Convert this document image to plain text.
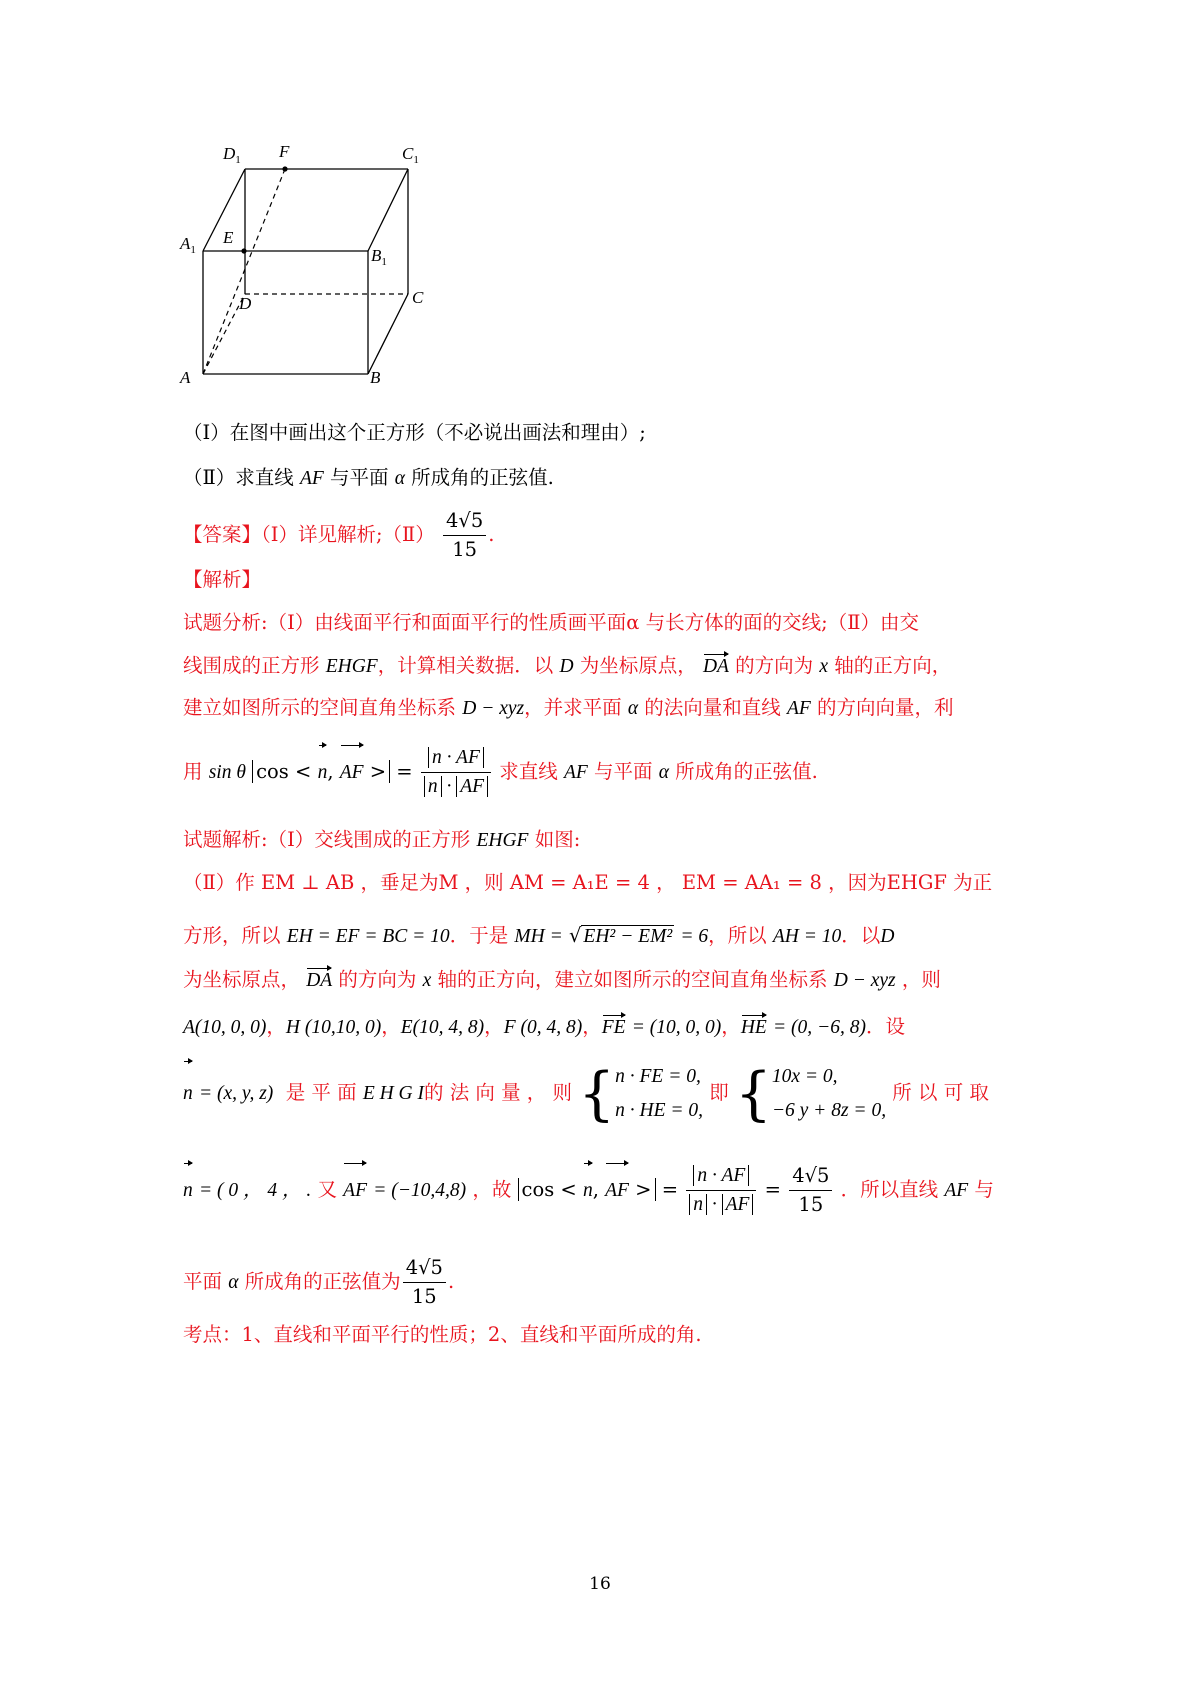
$D_1$ F	$C_1$
$A_1$
E
$B_1$
D	C
A	B
（Ⅰ）在图中画出这个正方形（不必说出画法和理由）;
（Ⅱ）求直线 AF 与平面 α 所成角的正弦值.
【答案】（Ⅰ）详见解析;（Ⅱ） $\frac{4√5}{15}$ .
【解析】
试题分析:（Ⅰ）由线面平行和面面平行的性质画平面α 与长方体的面的交线;（Ⅱ）由交
线围成的正方形 EHGF，计算相关数据．以 D 为坐标原点， DA 的方向为 x 轴的正方向，
建立如图所示的空间直角坐标系 D − xyz，并求平面 α 的法向量和直线 AF 的方向向量，利
用 sin θ cos < n, AF > = $\frac{n \cdot AF}{n \cdot AF}$ 求直线 AF 与平面 α 所成角的正弦值.
试题解析:（Ⅰ）交线围成的正方形 EHGF 如图:
（Ⅱ）作 EM ⊥ AB ，垂足为M ，则 AM = A₁E = 4 ， EM = AA₁ = 8 ，因为EHGF 为正
方形，所以 EH = EF = BC = 10．于是 MH = √ EH² − EM² = 6，所以 AH = 10．以D
为坐标原点， DA 的方向为 x 轴的正方向，建立如图所示的空间直角坐标系 D − xyz ，则
A(10, 0, 0)，H (10,10, 0)，E(10, 4, 8)，F (0, 4, 8)，FE = (10, 0, 0)，HE = (0, −6, 8)．设
n = (x, y, z) 是 平 面 E H G I的 法 向 量 ， 则 { n · FE = 0,
n · HE = 0,
即 { 10x = 0,
−6 y + 8z = 0,
所 以 可 取
n = ( 0 ， 4 ， . 又 AF = (−10,4,8) ，故 cos < n, AF > = $\frac{n \cdot AF}{n \cdot AF} = \frac{4√5}{15}$ ．所以直线 AF 与
平面 α 所成角的正弦值为 $\frac{4√5}{15}$ .
考点：1、直线和平面平行的性质；2、直线和平面所成的角.
16
